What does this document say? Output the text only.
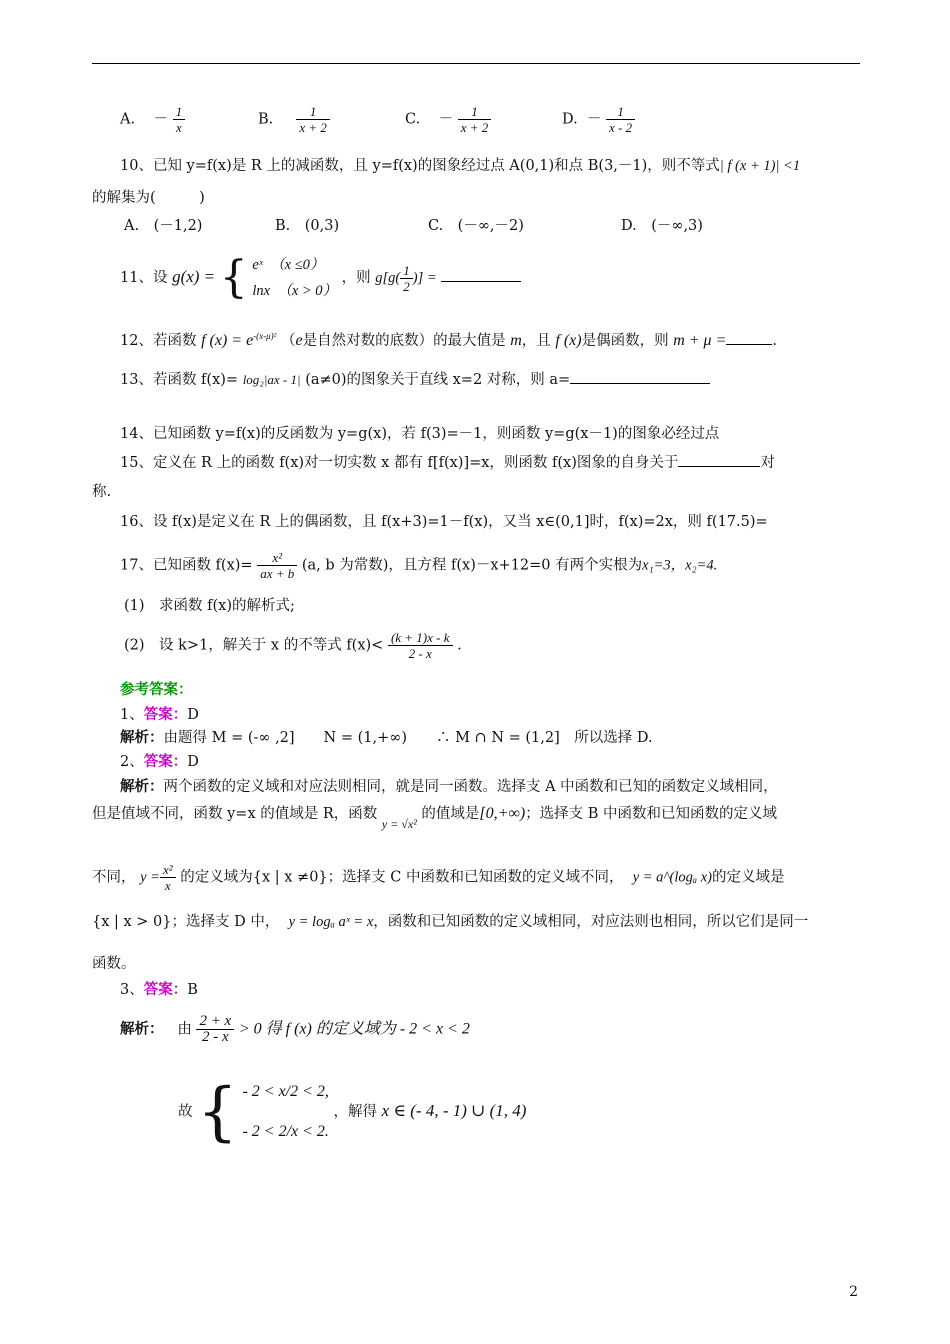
A. － $\frac{1}{x}$	B. $\frac{1}{x + 2}$	C. － $\frac{1}{x + 2}$	D. － $\frac{1}{x - 2}$
10、已知 y=f(x)是 R 上的减函数，且 y=f(x)的图象经过点 A(0,1)和点 B(3,－1)，则不等式| f (x + 1)| <1
的解集为(　　　)
A.　(－1,2)	B.　(0,3)	C.　(－∞,－2)	D.　(－∞,3)
11、设 g(x) = { eˣ　（x ≤0）
lnx　（x > 0）
，则 $g[g( \frac{1}{2}$ )] =
12、若函数 f $(x) = e^{-(x-\mu)^2}$ （e是自然对数的底数）的最大值是 m，且 f (x)是偶函数，则 m + μ =	.
13、若函数 f(x)= log₂|ax - 1| (a≠0)的图象关于直线 x=2 对称，则 a=
14、已知函数 y=f(x)的反函数为 y=g(x)，若 f(3)=－1，则函数 y=g(x－1)的图象必经过点
15、定义在 R 上的函数 f(x)对一切实数 x 都有 f[f(x)]=x，则函数 f(x)图象的自身关于	对
称.
16、设 f(x)是定义在 R 上的偶函数，且 f(x+3)=1－f(x)，又当 x∈(0,1]时，f(x)=2x，则 f(17.5)=
17、已知函数 $f(x)= \frac{\text{x²}}{ax + b} (a$, b 为常数)，且方程 f(x)－x+12=0 有两个实根为x₁=3，x₂=4.
(1)　求函数 f(x)的解析式;
(2)　设 k>1，解关于 x 的不等式 $f(x)< \frac{(k + 1)x - k}{2 - x}$ .
参考答案：
1、答案：D
解析：由题得 M = (-∞ ,2]　　N = (1,+∞)　　∴ M ∩ N = (1,2]　所以选择 D.
2、答案：D
解析：两个函数的定义域和对应法则相同，就是同一函数。选择支 A 中函数和已知的函数定义域相同，
但是值域不同，函数 y=x 的值域是 R，函数 $_{y = √x^2}$ 的值域是[0,+∞)；选择支 B 中函数和已知函数的定义域
不同， $y = \frac{\text{x²}}{x}$ 的定义域为{x | x ≠0}；选择支 C 中函数和已知函数的定义域不同， y = a^(logₐ x)的定义域是
{x | x > 0}；选择支 D 中， y = logₐ aˣ = x，函数和已知函数的定义域相同，对应法则也相同，所以它们是同一
函数。
3、答案：B
解析： 由 $\frac{2 + x}{2 - x} > 0$ 得 f (x) 的定义域为 - 2 < x < 2
故 { - 2 < x/2 < 2,
- 2 < 2/x < 2.
，解得 x ∈ (- 4, - 1) ∪ (1, 4)
2
